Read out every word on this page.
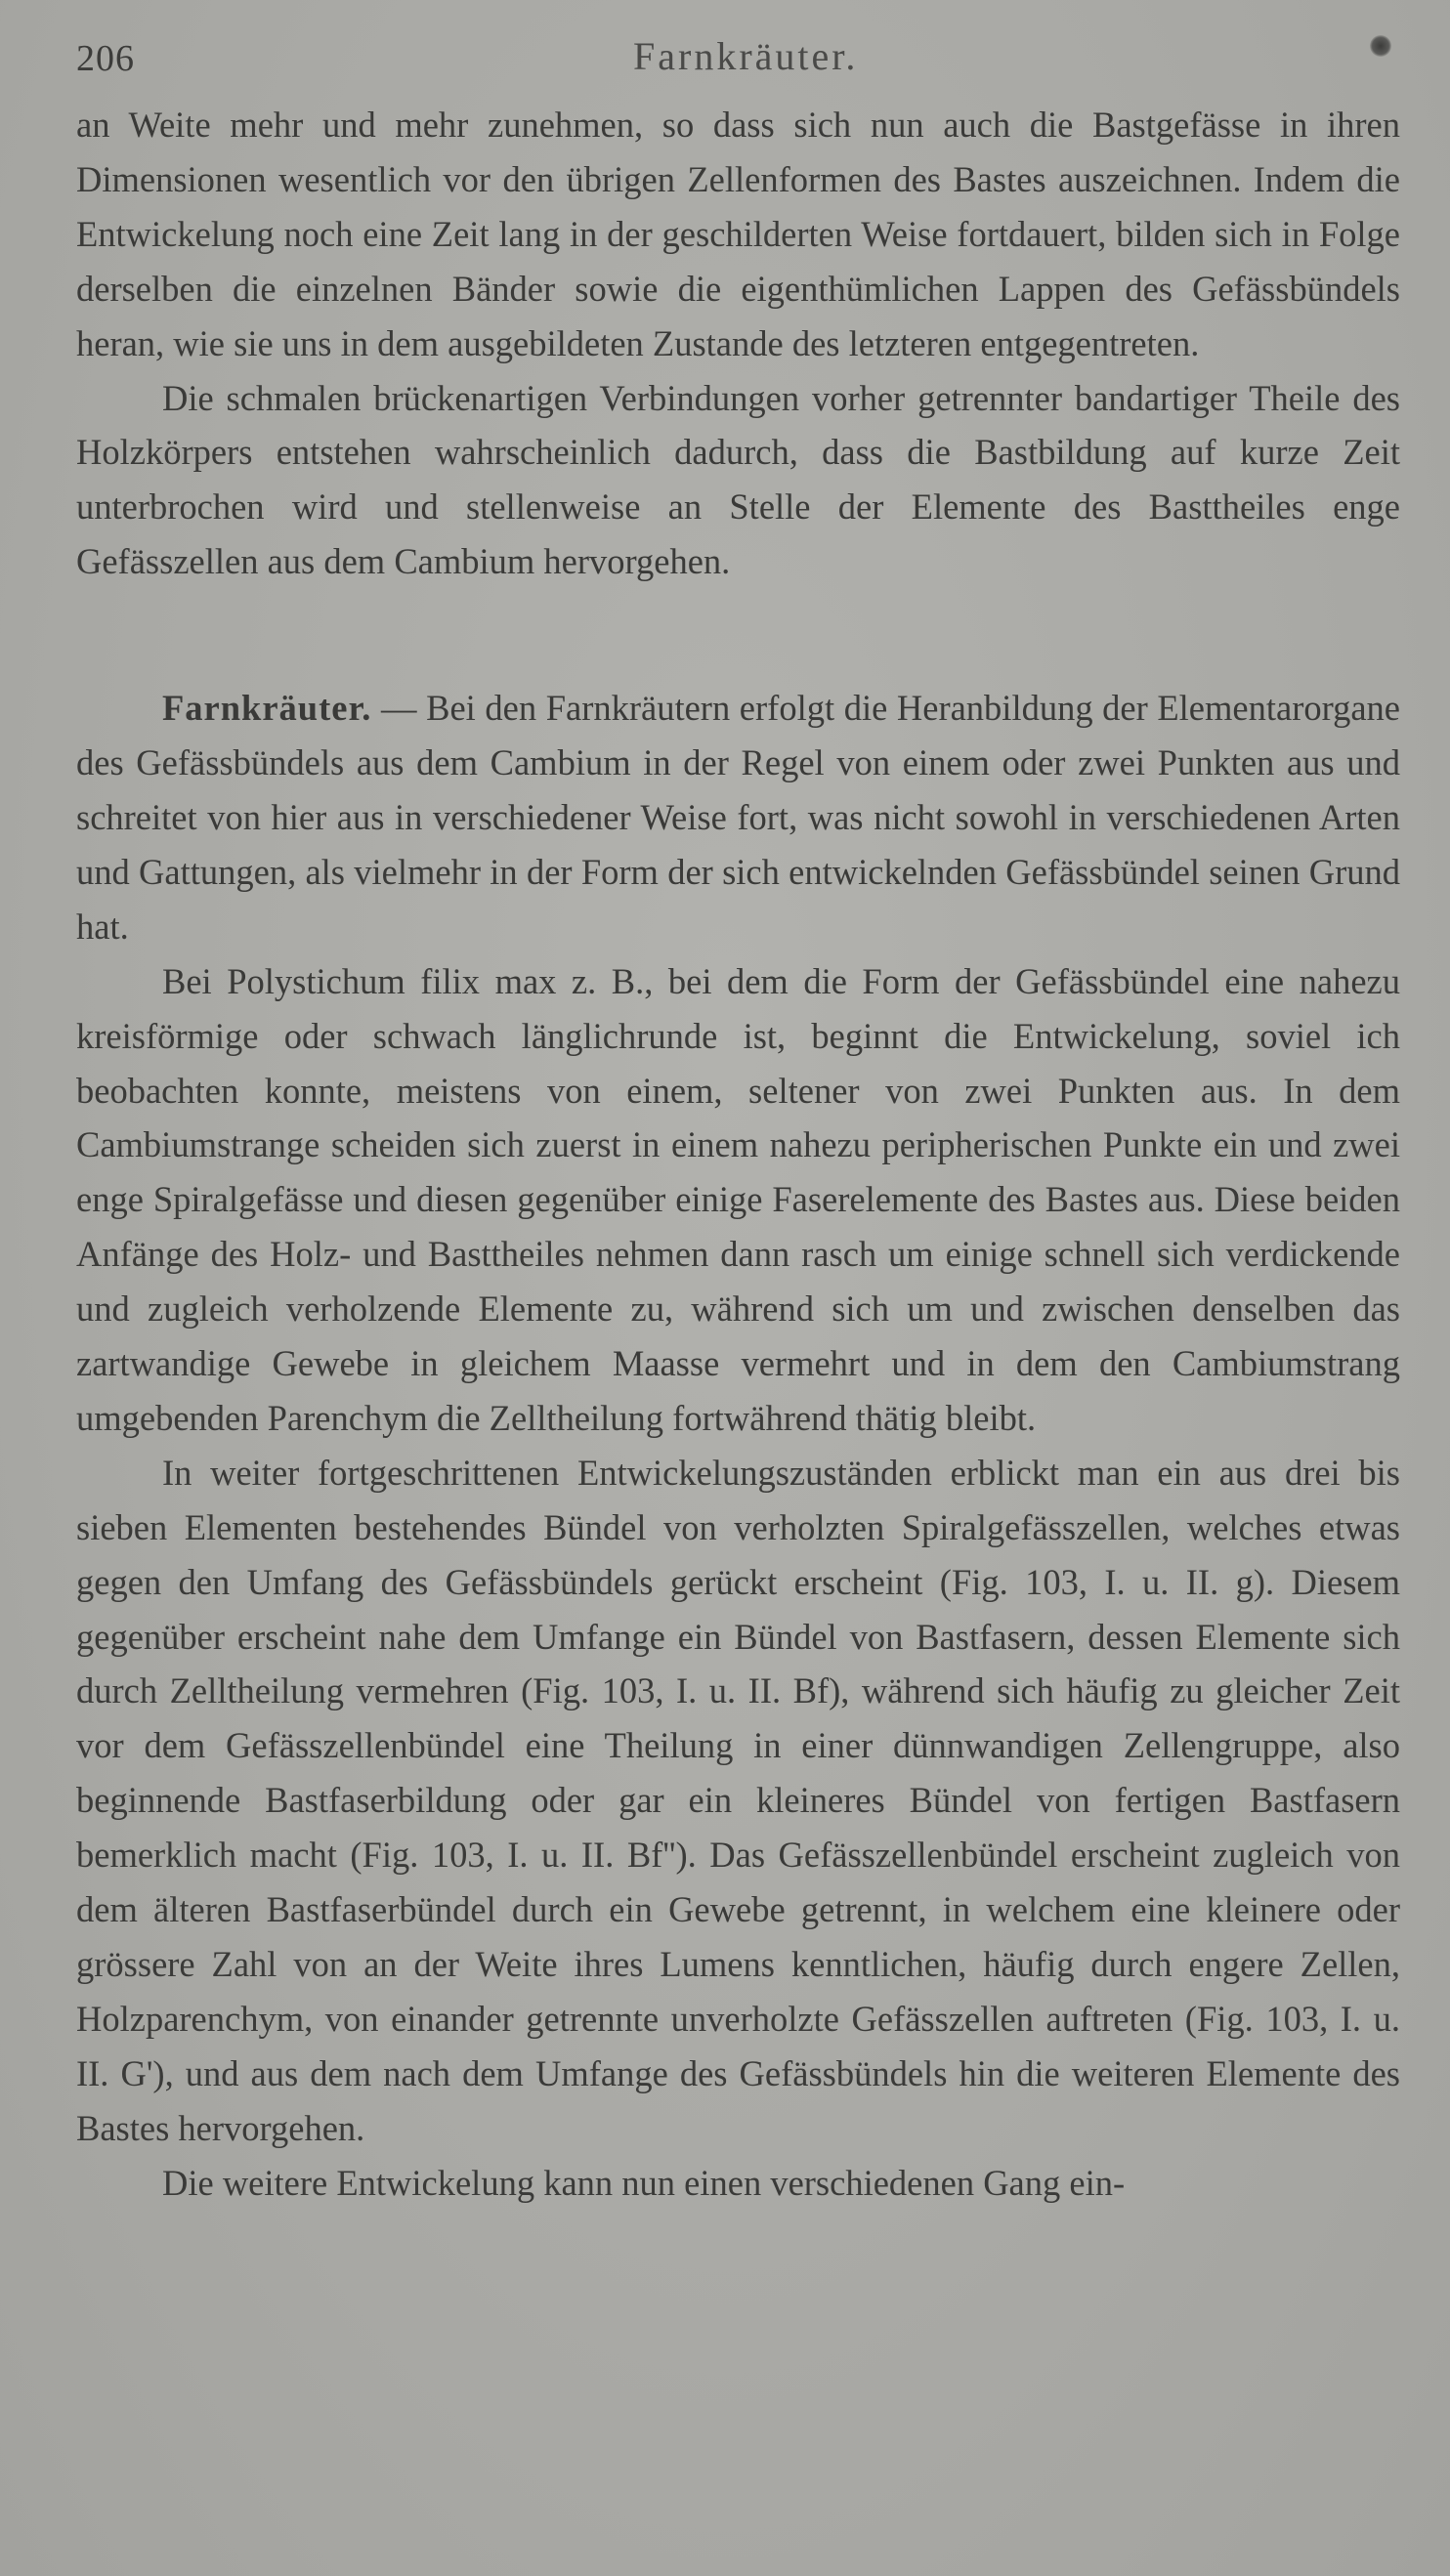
206	Farnkräuter.

an Weite mehr und mehr zunehmen, so dass sich nun auch die Bastgefässe in ihren Dimensionen wesentlich vor den übrigen Zellenformen des Bastes auszeichnen. Indem die Entwickelung noch eine Zeit lang in der geschilderten Weise fortdauert, bilden sich in Folge derselben die einzelnen Bänder sowie die eigenthümlichen Lappen des Gefässbündels heran, wie sie uns in dem ausgebildeten Zustande des letzteren entgegentreten.

Die schmalen brückenartigen Verbindungen vorher getrennter bandartiger Theile des Holzkörpers entstehen wahrscheinlich dadurch, dass die Bastbildung auf kurze Zeit unterbrochen wird und stellenweise an Stelle der Elemente des Basttheiles enge Gefässzellen aus dem Cambium hervorgehen.

Farnkräuter. — Bei den Farnkräutern erfolgt die Heranbildung der Elementarorgane des Gefässbündels aus dem Cambium in der Regel von einem oder zwei Punkten aus und schreitet von hier aus in verschiedener Weise fort, was nicht sowohl in verschiedenen Arten und Gattungen, als vielmehr in der Form der sich entwickelnden Gefässbündel seinen Grund hat.

Bei Polystichum filix max z. B., bei dem die Form der Gefässbündel eine nahezu kreisförmige oder schwach länglichrunde ist, beginnt die Entwickelung, soviel ich beobachten konnte, meistens von einem, seltener von zwei Punkten aus. In dem Cambiumstrange scheiden sich zuerst in einem nahezu peripherischen Punkte ein und zwei enge Spiralgefässe und diesen gegenüber einige Faserelemente des Bastes aus. Diese beiden Anfänge des Holz- und Basttheiles nehmen dann rasch um einige schnell sich verdickende und zugleich verholzende Elemente zu, während sich um und zwischen denselben das zartwandige Gewebe in gleichem Maasse vermehrt und in dem den Cambiumstrang umgebenden Parenchym die Zelltheilung fortwährend thätig bleibt.

In weiter fortgeschrittenen Entwickelungszuständen erblickt man ein aus drei bis sieben Elementen bestehendes Bündel von verholzten Spiralgefässzellen, welches etwas gegen den Umfang des Gefässbündels gerückt erscheint (Fig. 103, I. u. II. g). Diesem gegenüber erscheint nahe dem Umfange ein Bündel von Bastfasern, dessen Elemente sich durch Zelltheilung vermehren (Fig. 103, I. u. II. Bf), während sich häufig zu gleicher Zeit vor dem Gefässzellenbündel eine Theilung in einer dünnwandigen Zellengruppe, also beginnende Bastfaserbildung oder gar ein kleineres Bündel von fertigen Bastfasern bemerklich macht (Fig. 103, I. u. II. Bf''). Das Gefässzellenbündel erscheint zugleich von dem älteren Bastfaserbündel durch ein Gewebe getrennt, in welchem eine kleinere oder grössere Zahl von an der Weite ihres Lumens kenntlichen, häufig durch engere Zellen, Holzparenchym, von einander getrennte unverholzte Gefässzellen auftreten (Fig. 103, I. u. II. G'), und aus dem nach dem Umfange des Gefässbündels hin die weiteren Elemente des Bastes hervorgehen.

Die weitere Entwickelung kann nun einen verschiedenen Gang ein-
